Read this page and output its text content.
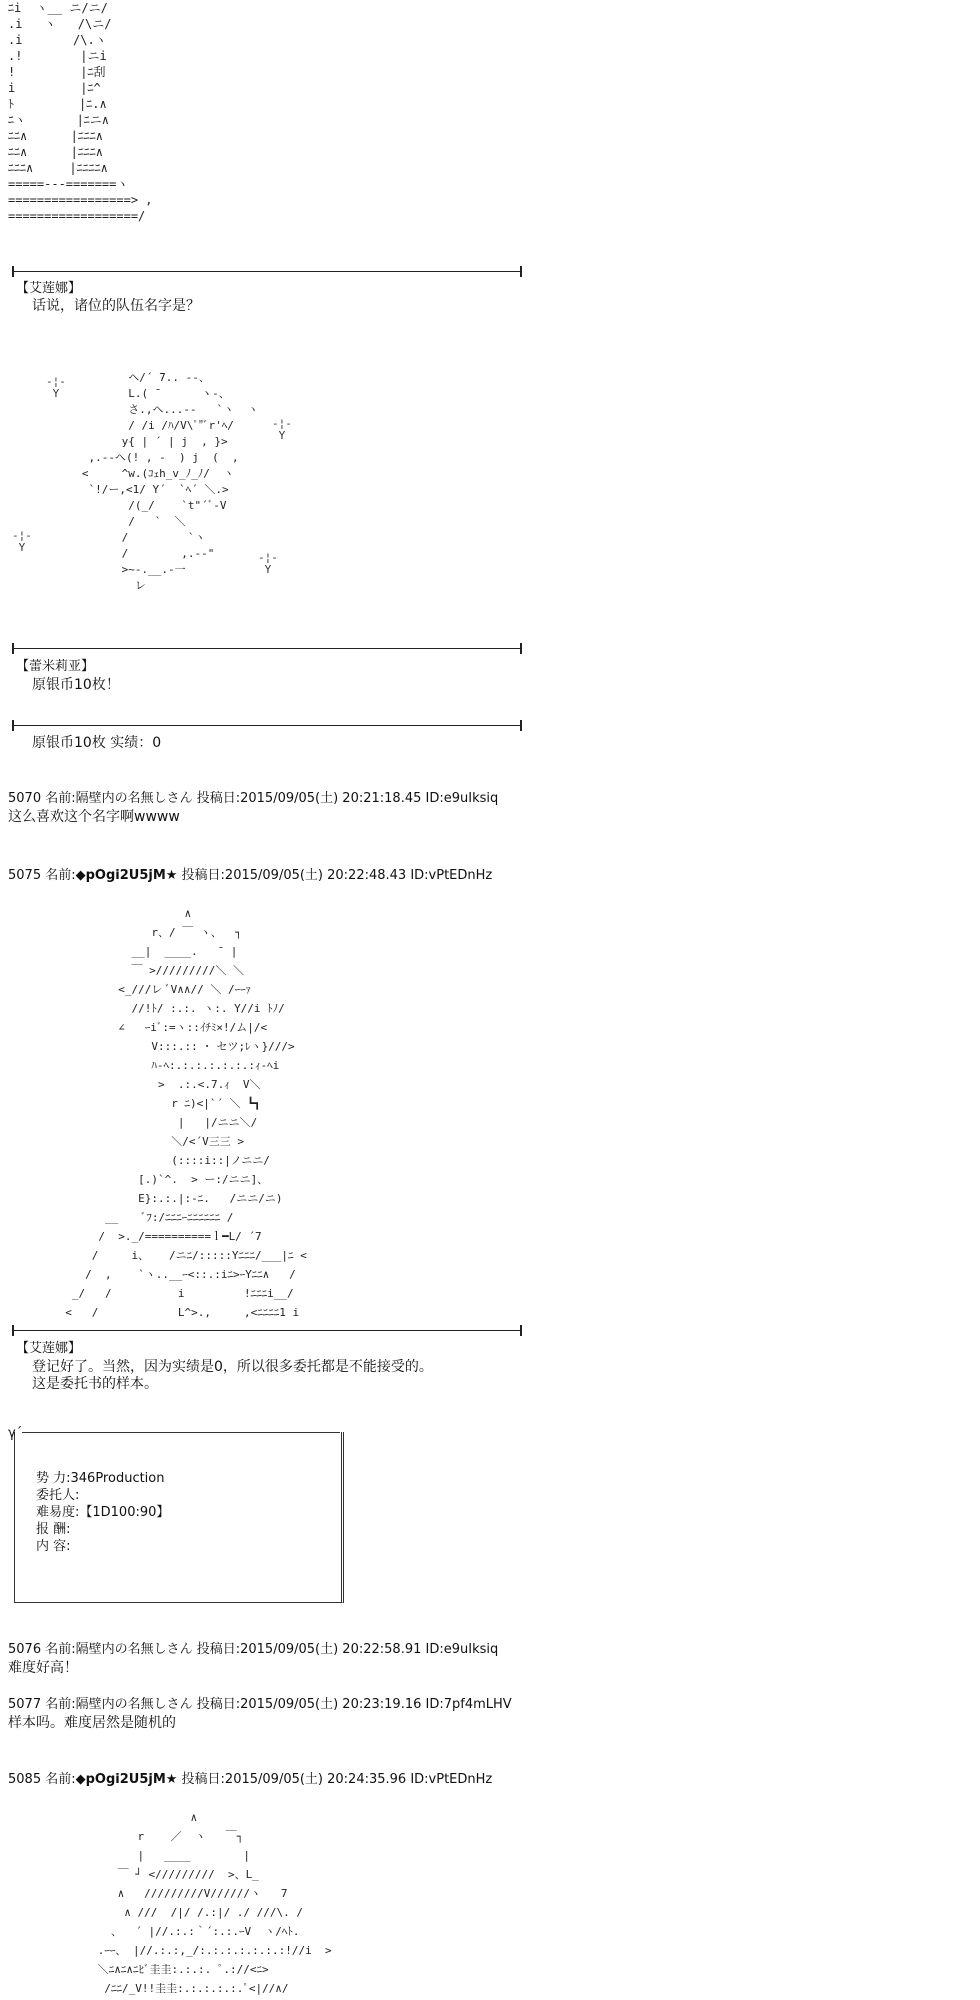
ﾆi  ヽ__ ニ/ニ/
.i   ヽ   /\ニ/
.i       /\.ヽ
.!        |ニi
!         |ﾆ刮
i         |ﾆ^
ﾄ         |ﾆ.∧
ﾆヽ       |ﾆニ∧
ﾆﾆ∧      |ﾆﾆﾆ∧
ﾆﾆ∧      |ﾆﾆﾆ∧
ﾆﾆﾆ∧     |ﾆﾆﾆﾆ∧
=====---=======ヽ
=================> ,
==================/
【艾莲娜】
话说，诸位的队伍名字是？
ヘ/´ ̄7.. --、
L.( ̄       ヽ-、
さ.,ヘ...-‐   `ヽ  ヽ
/ /i /ﾊ/V\ﾟ"ﾞr'ﾍ/
y{ | ´ | j  , }>
,.-‐ヘ(! , -  ) j  (  ,
<     ^w.(ｺｪh_v_ﾉ_ﾉ/  ヽ
`!/ー,<1/ Y´  `ﾍ´ ＼.>
/(_/    `t"´ﾞ-V
/   `  ＼
/         `ヽ
/        ,.-‐"
>~-.__.-一
レ
-¦-
Y
-¦-
Y
-¦-
Y
-¦-
Y
【蕾米莉亚】
原银币10枚！
原银币10枚 实绩：0
5070 名前:隔壁内の名無しさん 投稿日:2015/09/05(土) 20:21:18.45 ID:e9uIksiq
这么喜欢这个名字啊wwww
5075 名前:◆pOgi2U5jM★ 投稿日:2015/09/05(土) 20:22:48.43 ID:vPtEDnHz
∧
r、/ ￣ ヽ、  ┐
__|  ____.   ̄  |
￣ >/////////＼ ＼
<_///レ ﾞV∧∧// ＼ /ｰｰｧ
//!ﾄ/ :.:. ヽ:. Y//i ﾄﾉ/
∠   ｰiﾞ:=ヽ::ｲﾁﾐ×!/ム|/<
V:::.:: ･ セツ;ﾚヽ}///>
ﾊ-ﾍ:.:.:.:.:.:.:ｨ-ﾍi
>  .:.<.7.ｨ  V＼
r ﾆ)<|`´ ＼ ┗┓
|   |/ニニ＼/
＼/<´V三三 >
(::::i::|ノニニ/
[.)`^.  > ー:/ニニ]、
E}:.:.|:-ﾆ.   /ニニ/ニ)
__    ﾞﾌ:/ﾆﾆﾆｰﾆﾆﾆﾆﾆﾆ /
/  >._/==========ｌ━L/ ´7
/     i、   /ニﾆ/:::::Yﾆﾆﾆ/___|ﾆ <
/  ,    `ヽ..__ｰ<::.:iﾆ>ｰYﾆﾆ∧   /
_/   /          i         !ﾆﾆﾆi__/
<   /            L^>.,     ,<ﾆﾆﾆﾆ1 i
【艾莲娜】
登记好了。当然，因为实绩是0，所以很多委托都是不能接受的。
这是委托书的样本。
γ´
势 力:346Production
委托人:
难易度:【1D100:90】
报 酬:
内 容:
5076 名前:隔壁内の名無しさん 投稿日:2015/09/05(土) 20:22:58.91 ID:e9uIksiq
难度好高！
5077 名前:隔壁内の名無しさん 投稿日:2015/09/05(土) 20:23:19.16 ID:7pf4mLHV
样本吗。难度居然是随机的
5085 名前:◆pOgi2U5jM★ 投稿日:2015/09/05(土) 20:24:35.96 ID:vPtEDnHz
∧
r    ／  ヽ   ￣┐
|   ____        |
￣ ┘ </////////  >、L_
∧   /////////V//////ヽ   7
∧ ///  /|/ /.:|/ ./ ///\. /
、  ´ |//.:.:｀´:.:.ｰV  ヽ/ﾍﾄ.
.ｰｰ、 |//.:.:,_/:.:.:.:.:.:.:!//i  >
＼ﾆ∧ﾆ∧ﾆﾋﾞ圭圭:.:.:. ﾟ.://<ﾆ>
/ﾆﾆ/_V!!圭圭:.:.:.:.:.ﾟ<|//∧/
